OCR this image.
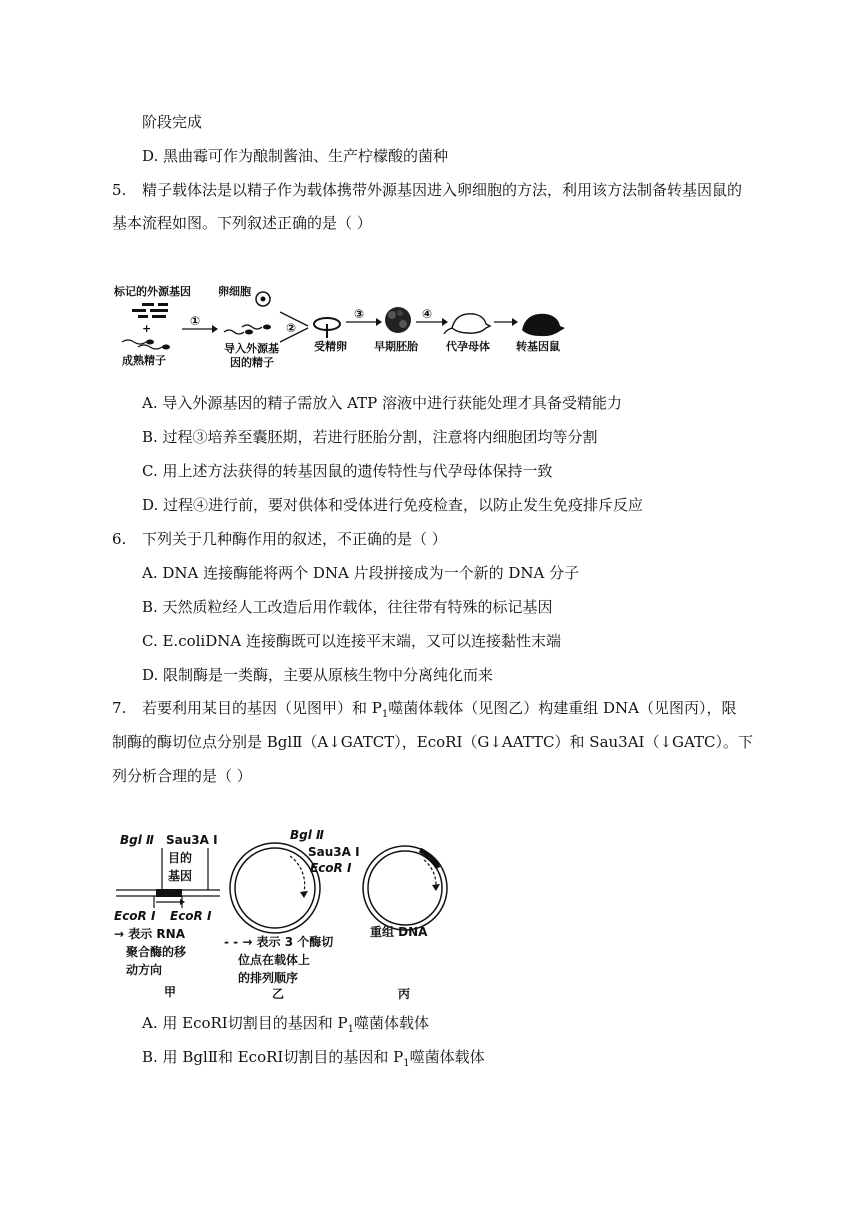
阶段完成
D. 黑曲霉可作为酿制酱油、生产柠檬酸的菌种
5. 精子载体法是以精子作为载体携带外源基因进入卵细胞的方法，利用该方法制备转基因鼠的
基本流程如图。下列叙述正确的是（ ）
标记的外源基因 卵细胞
+
成熟精子
①
导入外源基
因的精子
②
受精卵
③
早期胚胎
④
代孕母体 转基因鼠
A. 导入外源基因的精子需放入 ATP 溶液中进行获能处理才具备受精能力
B. 过程③培养至囊胚期，若进行胚胎分割，注意将内细胞团均等分割
C. 用上述方法获得的转基因鼠的遗传特性与代孕母体保持一致
D. 过程④进行前，要对供体和受体进行免疫检查，以防止发生免疫排斥反应
6. 下列关于几种酶作用的叙述，不正确的是（ ）
A. DNA 连接酶能将两个 DNA 片段拼接成为一个新的 DNA 分子
B. 天然质粒经人工改造后用作载体，往往带有特殊的标记基因
C. E.coliDNA 连接酶既可以连接平末端，又可以连接黏性末端
D. 限制酶是一类酶，主要从原核生物中分离纯化而来
7. 若要利用某目的基因（见图甲）和 $P_1$噬菌体载体（见图乙）构建重组 DNA（见图丙），限
制酶的酶切位点分别是 BglⅡ（A↓GATCT），EcoRⅠ（G↓AATTC）和 Sau3AⅠ（↓GATC）。下
列分析合理的是（ ）
Bgl Ⅱ Sau3A Ⅰ
目的
基因
EcoR Ⅰ EcoR Ⅰ
→ 表示 RNA
聚合酶的移
动方向
甲
Bgl Ⅱ
Sau3A Ⅰ
EcoR Ⅰ
- - → 表示 3 个酶切
位点在载体上
的排列顺序
乙
重组 DNA
丙
A. 用 EcoRⅠ切割目的基因和 $P_1$噬菌体载体
B. 用 BglⅡ和 EcoRⅠ切割目的基因和 $P_1$噬菌体载体
